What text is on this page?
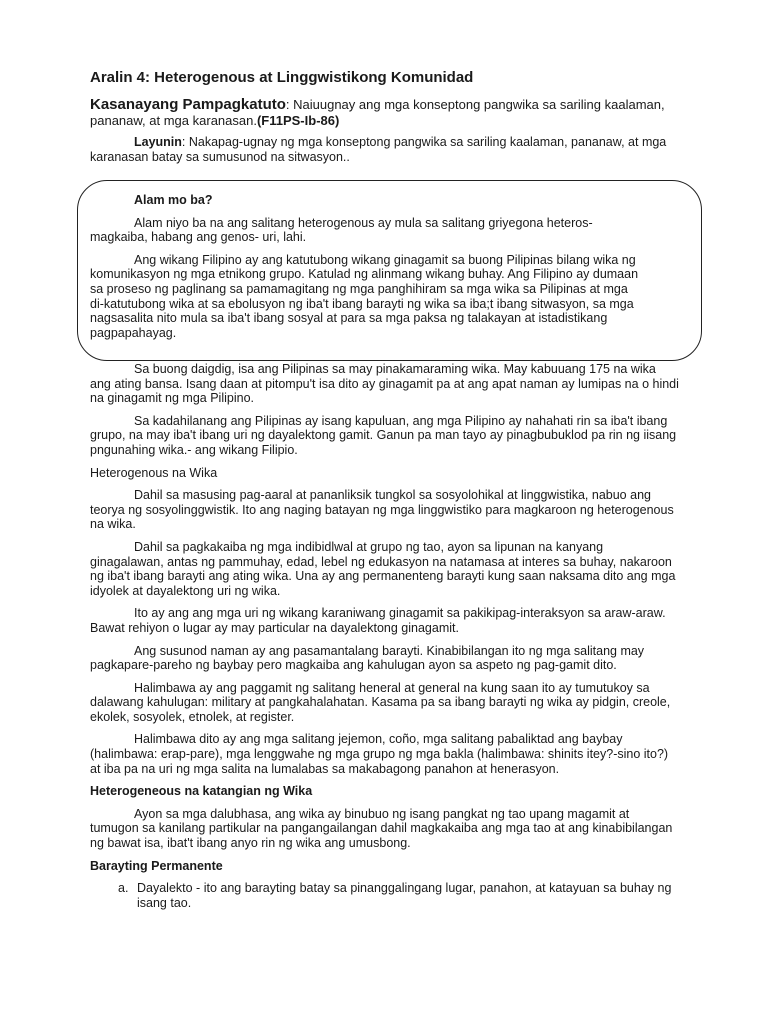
Aralin 4: Heterogenous at Linggwistikong Komunidad
Kasanayang Pampagkatuto: Naiuugnay ang mga konseptong pangwika sa sariling kaalaman, pananaw, at mga karanasan.(F11PS-Ib-86)
Layunin: Nakapag-ugnay ng mga konseptong pangwika sa sariling kaalaman, pananaw, at mga karanasan batay sa sumusunod na sitwasyon..
Alam mo ba?
Alam niyo ba na ang salitang heterogenous ay mula sa salitang griyegona heteros-magkaiba, habang ang genos- uri, lahi.
Ang wikang Filipino ay ang katutubong wikang ginagamit sa buong Pilipinas bilang wika ng komunikasyon ng mga etnikong grupo. Katulad ng alinmang wikang buhay. Ang Filipino ay dumaan sa proseso ng paglinang sa pamamagitang ng mga panghihiram sa mga wika sa Pilipinas at mga di-katutubong wika at sa ebolusyon ng iba't ibang barayti ng wika sa iba;t ibang sitwasyon, sa mga nagsasalita nito mula sa iba't ibang sosyal at para sa mga paksa ng talakayan at istadistikang pagpapahayag.
Sa buong daigdig, isa ang Pilipinas sa may pinakamaraming wika. May kabuuang 175 na wika ang ating bansa. Isang daan at pitompu't isa dito ay ginagamit pa at ang apat naman ay lumipas na o hindi na ginagamit ng mga Pilipino.
Sa kadahilanang ang Pilipinas ay isang kapuluan, ang mga Pilipino ay nahahati rin sa iba't ibang grupo, na may iba't ibang uri ng dayalektong gamit. Ganun pa man tayo ay pinagbubuklod pa rin ng iisang pngunahing wika.- ang wikang Filipio.
Heterogenous na Wika
Dahil sa masusing pag-aaral at pananliksik tungkol sa sosyolohikal at linggwistika, nabuo ang teorya ng sosyolinggwistik. Ito ang naging batayan ng mga linggwistiko para magkaroon ng heterogenous na wika.
Dahil sa pagkakaiba ng mga indibidlwal at grupo ng tao, ayon sa lipunan na kanyang ginagalawan, antas ng pammuhay, edad, lebel ng edukasyon na natamasa at interes sa buhay, nakaroon ng iba't ibang barayti ang ating wika. Una ay ang permanenteng barayti kung saan naksama dito ang mga idyolek at dayalektong uri ng wika.
Ito ay ang ang mga uri ng wikang karaniwang ginagamit sa pakikipag-interaksyon sa araw-araw. Bawat rehiyon o lugar ay may particular na dayalektong ginagamit.
Ang susunod naman ay ang pasamantalang barayti. Kinabibilangan ito ng mga salitang may pagkapare-pareho ng baybay pero magkaiba ang kahulugan ayon sa aspeto ng pag-gamit dito.
Halimbawa ay ang paggamit ng salitang heneral at general na kung saan ito ay tumutukoy sa dalawang kahulugan: military at pangkahalahatan. Kasama pa sa ibang barayti ng wika ay pidgin, creole, ekolek, sosyolek, etnolek, at register.
Halimbawa dito ay ang mga salitang jejemon, coño, mga salitang pabaliktad ang baybay (halimbawa: erap-pare), mga lenggwahe ng mga grupo ng mga bakla (halimbawa: shinits itey?-sino ito?) at iba pa na uri ng mga salita na lumalabas sa makabagong panahon at henerasyon.
Heterogeneous na katangian ng Wika
Ayon sa mga dalubhasa, ang wika ay binubuo ng isang pangkat ng tao upang magamit at tumugon sa kanilang partikular na pangangailangan dahil magkakaiba ang mga tao at ang kinabibilangan ng bawat isa, ibat't ibang anyo rin ng wika ang umusbong.
Barayting Permanente
a. Dayalekto - ito ang barayting batay sa pinanggalingang lugar, panahon, at katayuan sa buhay ng isang tao.
